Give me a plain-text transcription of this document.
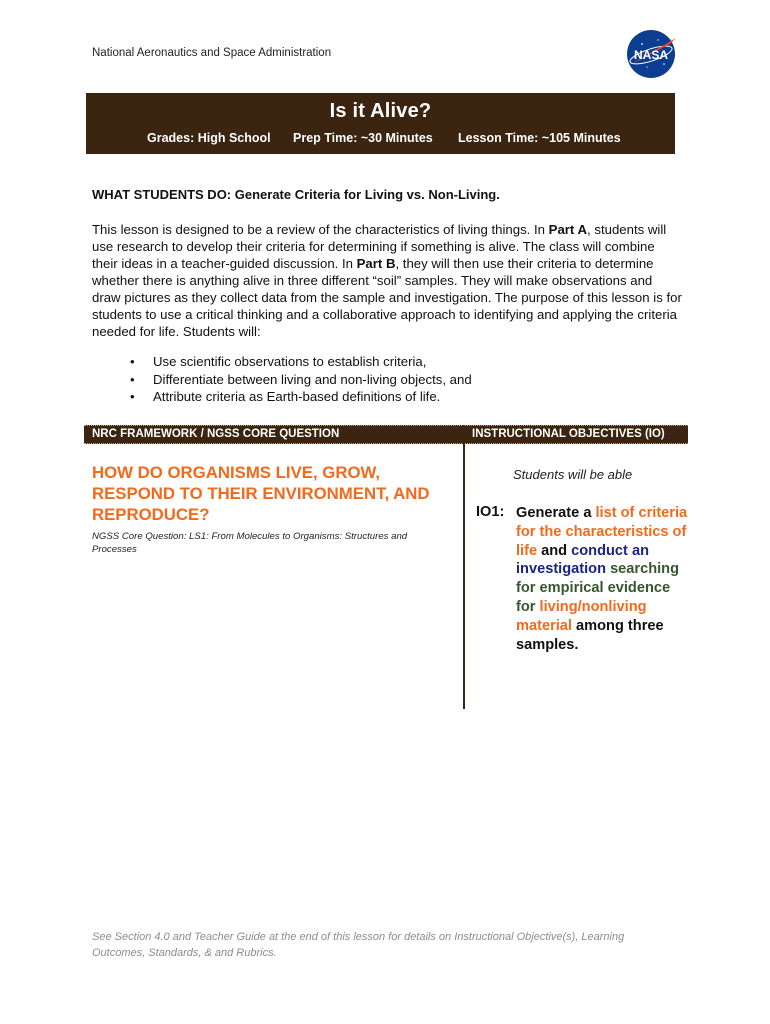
National Aeronautics and Space Administration	NASA
Is it Alive?
Grades: High School Prep Time: ~30 Minutes Lesson Time: ~105 Minutes
WHAT STUDENTS DO: Generate Criteria for Living vs. Non-Living.
This lesson is designed to be a review of the characteristics of living things. In Part A, students will use research to develop their criteria for determining if something is alive. The class will combine their ideas in a teacher-guided discussion. In Part B, they will then use their criteria to determine whether there is anything alive in three different “soil” samples. They will make observations and draw pictures as they collect data from the sample and investigation. The purpose of this lesson is for students to use a critical thinking and a collaborative approach to identifying and applying the criteria needed for life. Students will:
• Use scientific observations to establish criteria,
• Differentiate between living and non-living objects, and
• Attribute criteria as Earth-based definitions of life.
NRC FRAMEWORK / NGSS CORE QUESTION	INSTRUCTIONAL OBJECTIVES (IO)
HOW DO ORGANISMS LIVE, GROW, RESPOND TO THEIR ENVIRONMENT, AND REPRODUCE?
NGSS Core Question: LS1: From Molecules to Organisms: Structures and Processes
Students will be able
IO1: Generate a list of criteria for the characteristics of life and conduct an investigation searching for empirical evidence for living/nonliving material among three samples.
See Section 4.0 and Teacher Guide at the end of this lesson for details on Instructional Objective(s), Learning Outcomes, Standards, & and Rubrics.
